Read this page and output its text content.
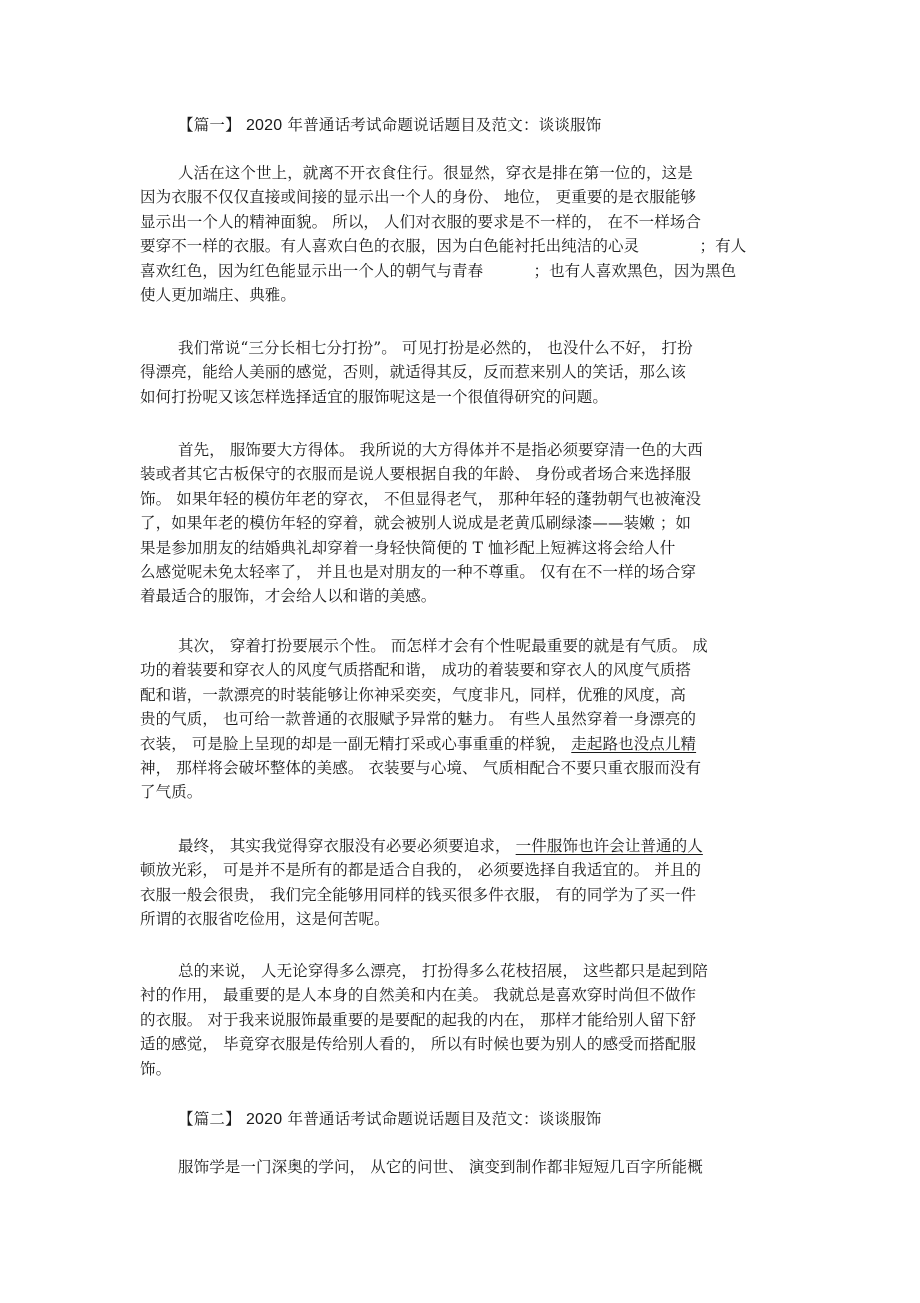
【篇一】 2020 年普通话考试命题说话题目及范文：谈谈服饰
人活在这个世上，就离不开衣食住行。很显然，穿衣是排在第一位的，这是
因为衣服不仅仅直接或间接的显示出一个人的身份、 地位， 更重要的是衣服能够
显示出一个人的精神面貌。 所以， 人们对衣服的要求是不一样的， 在不一样场合
要穿不一样的衣服。有人喜欢白色的衣服，因为白色能衬托出纯洁的心灵            ；有人
喜欢红色，因为红色能显示出一个人的朝气与青春          ；也有人喜欢黑色，因为黑色
使人更加端庄、典雅。
我们常说“三分长相七分打扮”。 可见打扮是必然的， 也没什么不好， 打扮
得漂亮，能给人美丽的感觉，否则，就适得其反，反而惹来别人的笑话，那么该
如何打扮呢又该怎样选择适宜的服饰呢这是一个很值得研究的问题。
首先， 服饰要大方得体。 我所说的大方得体并不是指必须要穿清一色的大西
装或者其它古板保守的衣服而是说人要根据自我的年龄、 身份或者场合来选择服
饰。 如果年轻的模仿年老的穿衣， 不但显得老气， 那种年轻的蓬勃朝气也被淹没
了，如果年老的模仿年轻的穿着，就会被别人说成是老黄瓜刷绿漆——装嫩 ；如
果是参加朋友的结婚典礼却穿着一身轻快简便的 T 恤衫配上短裤这将会给人什
么感觉呢未免太轻率了， 并且也是对朋友的一种不尊重。 仅有在不一样的场合穿
着最适合的服饰，才会给人以和谐的美感。
其次， 穿着打扮要展示个性。 而怎样才会有个性呢最重要的就是有气质。 成
功的着装要和穿衣人的风度气质搭配和谐， 成功的着装要和穿衣人的风度气质搭
配和谐，一款漂亮的时装能够让你神采奕奕，气度非凡，同样，优雅的风度，高
贵的气质， 也可给一款普通的衣服赋予异常的魅力。 有些人虽然穿着一身漂亮的
衣装， 可是脸上呈现的却是一副无精打采或心事重重的样貌， 走起路也没点儿精
神， 那样将会破坏整体的美感。 衣装要与心境、 气质相配合不要只重衣服而没有
了气质。
最终， 其实我觉得穿衣服没有必要必须要追求， 一件服饰也许会让普通的人
顿放光彩， 可是并不是所有的都是适合自我的， 必须要选择自我适宜的。 并且的
衣服一般会很贵， 我们完全能够用同样的钱买很多件衣服， 有的同学为了买一件
所谓的衣服省吃俭用，这是何苦呢。
总的来说， 人无论穿得多么漂亮， 打扮得多么花枝招展， 这些都只是起到陪
衬的作用， 最重要的是人本身的自然美和内在美。 我就总是喜欢穿时尚但不做作
的衣服。 对于我来说服饰最重要的是要配的起我的内在， 那样才能给别人留下舒
适的感觉， 毕竟穿衣服是传给别人看的， 所以有时候也要为别人的感受而搭配服
饰。
【篇二】 2020 年普通话考试命题说话题目及范文：谈谈服饰
服饰学是一门深奥的学问， 从它的问世、 演变到制作都非短短几百字所能概
